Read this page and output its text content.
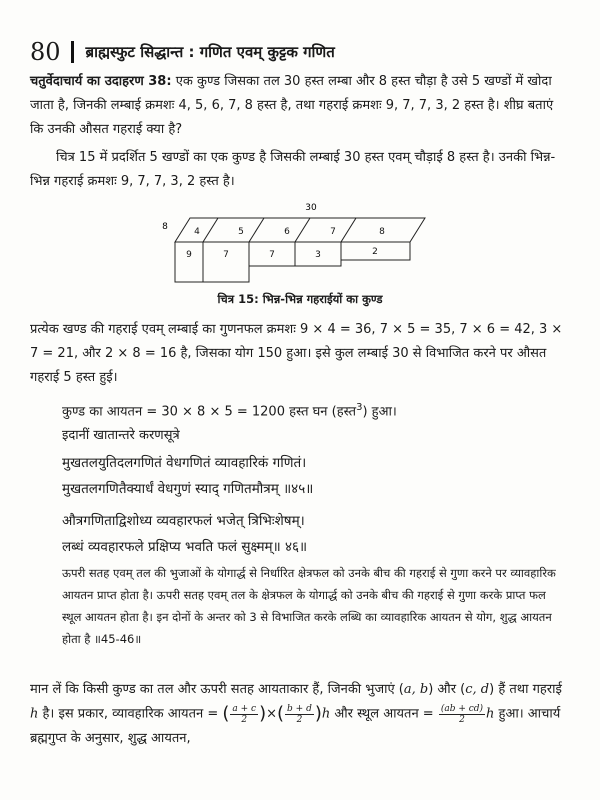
80 ब्राह्मस्फुट सिद्धान्त : गणित एवम् कुट्टक गणित
चतुर्वेदाचार्य का उदाहरण 38: एक कुण्ड जिसका तल 30 हस्त लम्बा और 8 हस्त चौड़ा है उसे 5 खण्डों में खोदा जाता है, जिनकी लम्बाई क्रमशः 4, 5, 6, 7, 8 हस्त है, तथा गहराई क्रमशः 9, 7, 7, 3, 2 हस्त है। शीघ्र बताएं कि उनकी औसत गहराई क्या है?
चित्र 15 में प्रदर्शित 5 खण्डों का एक कुण्ड है जिसकी लम्बाई 30 हस्त एवम् चौड़ाई 8 हस्त है। उनकी भिन्न-भिन्न गहराई क्रमशः 9, 7, 7, 3, 2 हस्त है।
30
8	4	5	6	7	8
9	7	7	3	2
चित्र 15: भिन्न-भिन्न गहराईयों का कुण्ड
प्रत्येक खण्ड की गहराई एवम् लम्बाई का गुणनफल क्रमशः 9 × 4 = 36, 7 × 5 = 35, 7 × 6 = 42, 3 × 7 = 21, और 2 × 8 = 16 है, जिसका योग 150 हुआ। इसे कुल लम्बाई 30 से विभाजित करने पर औसत गहराई 5 हस्त हुई।
कुण्ड का आयतन = 30 × 8 × 5 = 1200 हस्त घन (हस्त$^3$) हुआ।
इदानीं खातान्तरे करणसूत्रे
मुखतलयुतिदलगणितं वेधगणितं व्यावहारिकं गणितं।
मुखतलगणितैक्यार्धं वेधगुणं स्याद् गणितमौत्रम् ॥४५॥
औत्रगणिताद्विशोध्य व्यवहारफलं भजेत् त्रिभिःशेषम्।
लब्धं व्यवहारफले प्रक्षिप्य भवति फलं सुक्ष्मम्॥ ४६॥
ऊपरी सतह एवम् तल की भुजाओं के योगार्द्ध से निर्धारित क्षेत्रफल को उनके बीच की गहराई से गुणा करने पर व्यावहारिक आयतन प्राप्त होता है। ऊपरी सतह एवम् तल के क्षेत्रफल के योगार्द्ध को उनके बीच की गहराई से गुणा करके प्राप्त फल स्थूल आयतन होता है। इन दोनों के अन्तर को 3 से विभाजित करके लब्धि का व्यावहारिक आयतन से योग, शुद्ध आयतन होता है ॥45-46॥
मान लें कि किसी कुण्ड का तल और ऊपरी सतह आयताकार हैं, जिनकी भुजाएं (a, b) और (c, d) हैं तथा गहराई h है। इस प्रकार, व्यावहारिक आयतन = ( $\frac{a + c}{2}$ )×( $\frac{b + d}{2} )h$ और स्थूल आयतन = $\frac{(ab + cd)}{2}$ h हुआ। आचार्य ब्रह्मगुप्त के अनुसार, शुद्ध आयतन,
